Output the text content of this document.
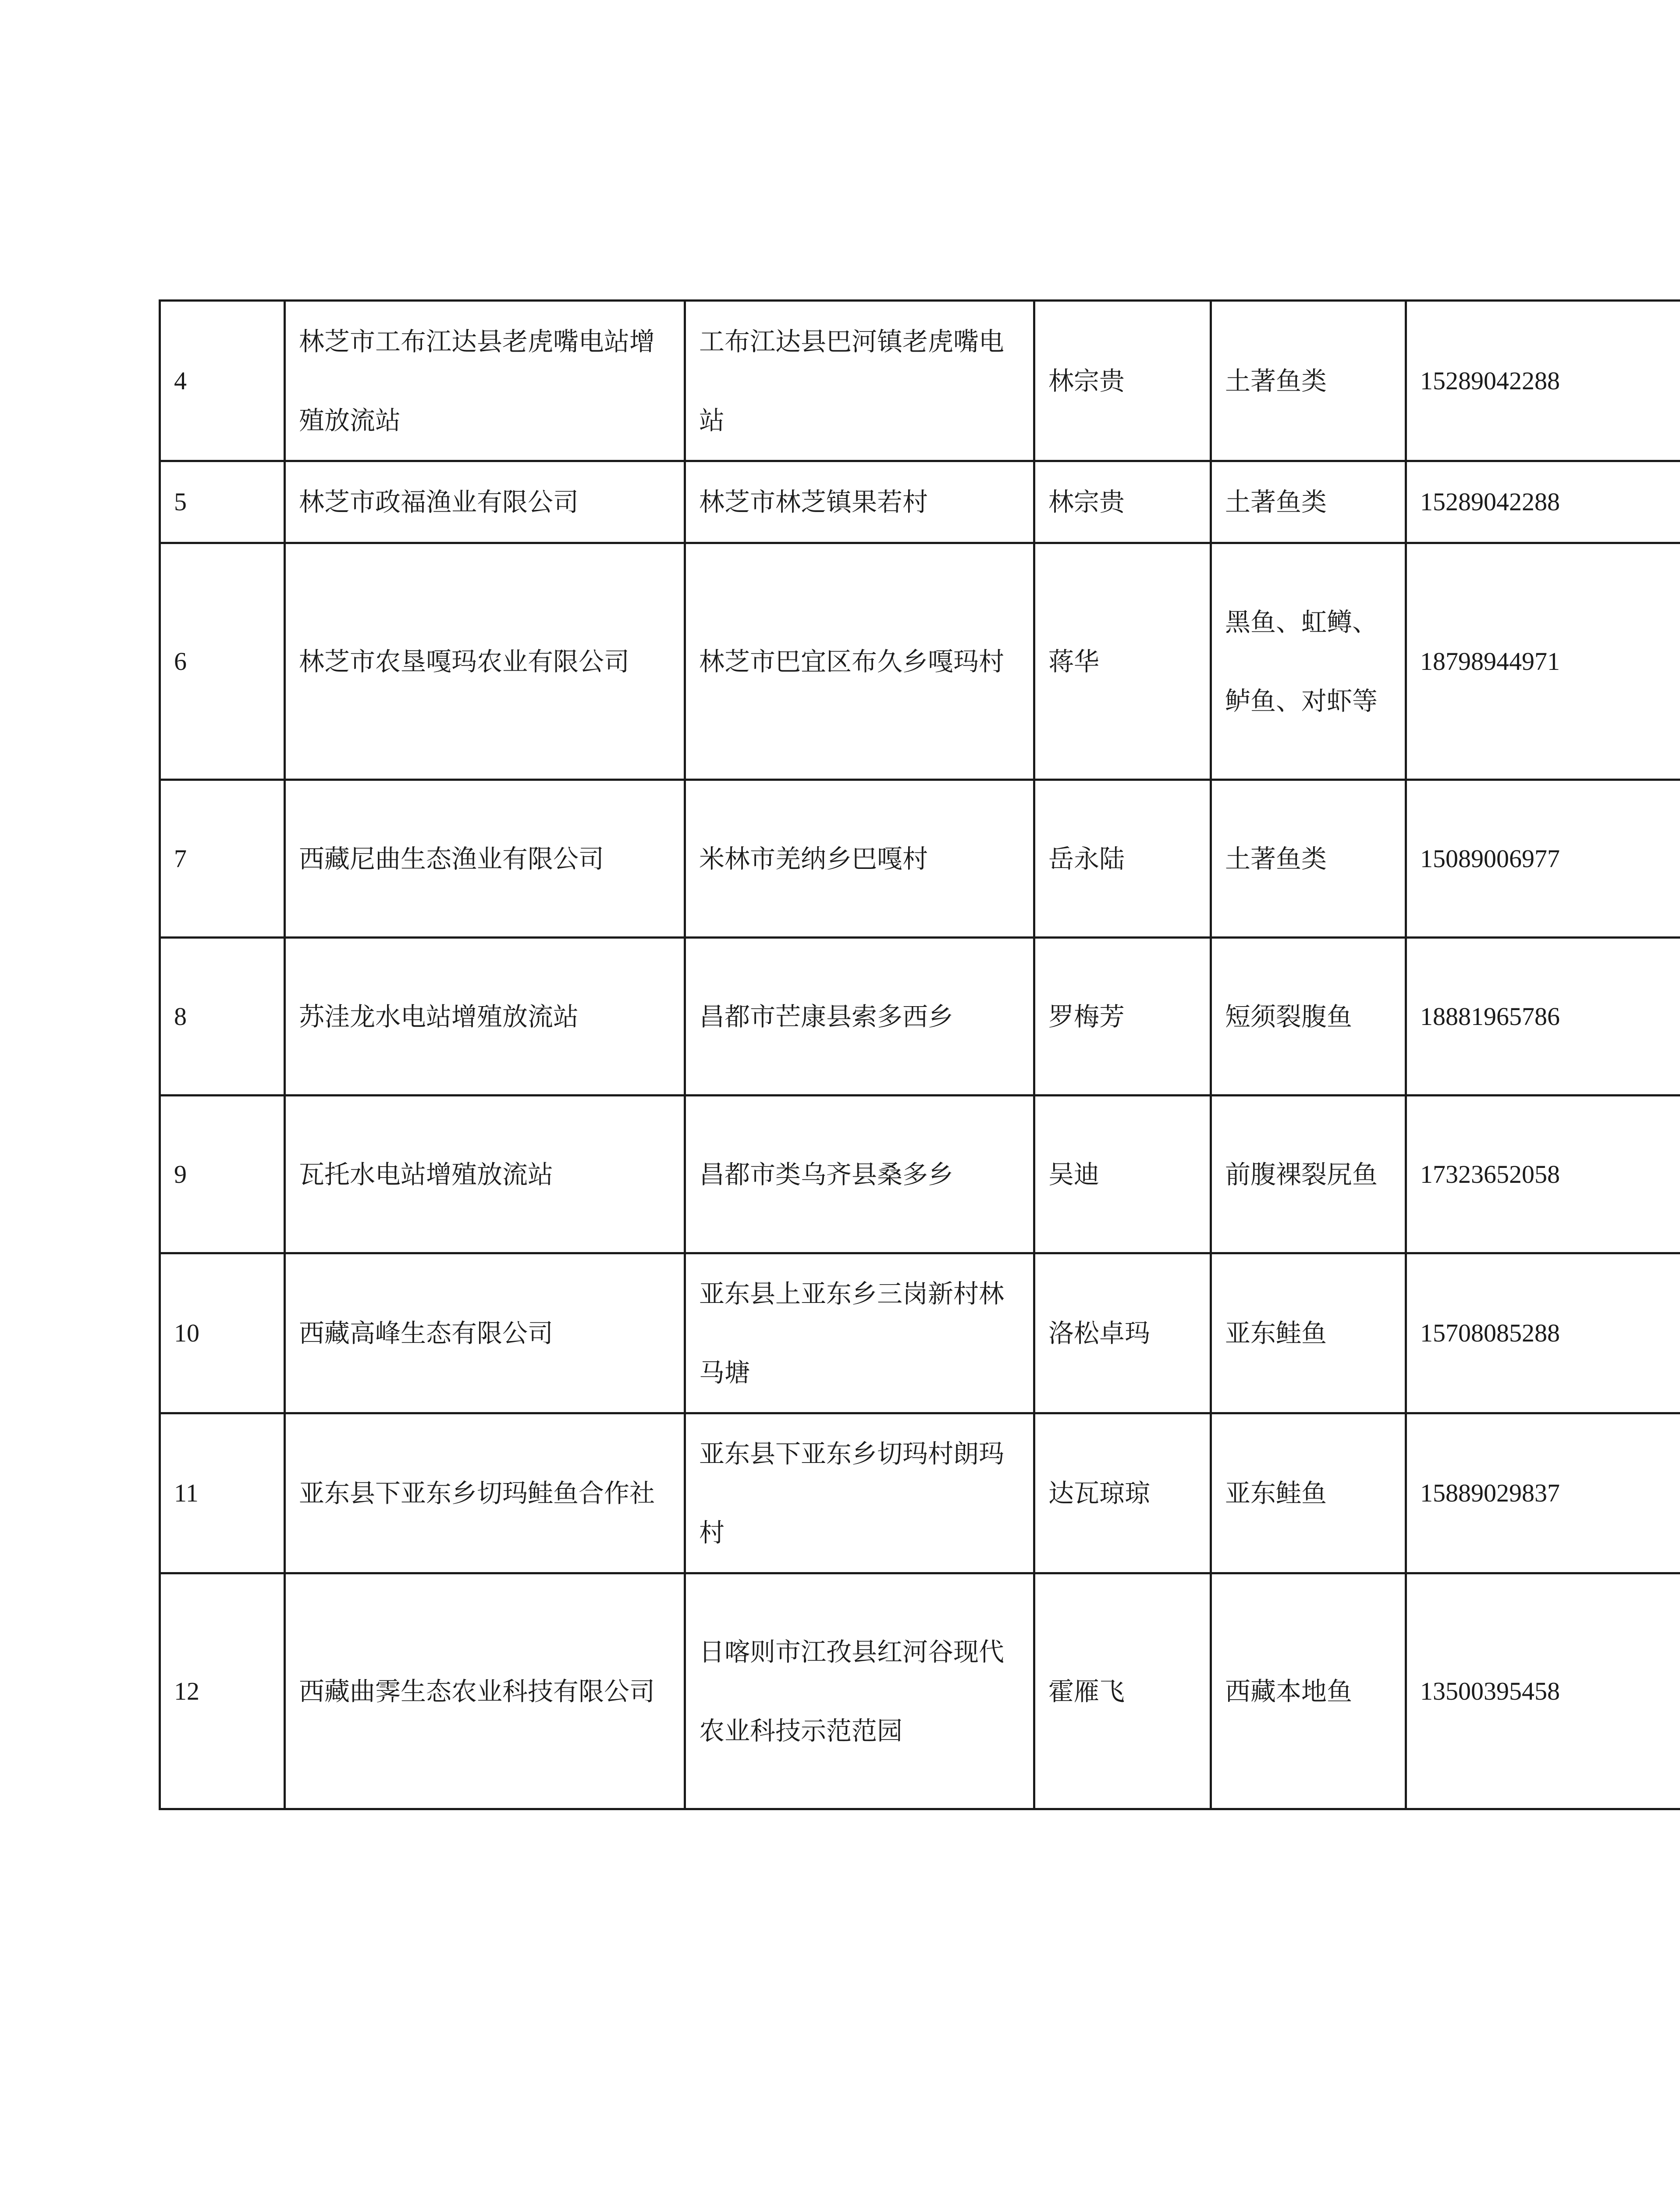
4	林芝市工布江达县老虎嘴电站增殖放流站	工布江达县巴河镇老虎嘴电站	林宗贵	土著鱼类	15289042288
5	林芝市政福渔业有限公司	林芝市林芝镇果若村	林宗贵	土著鱼类	15289042288
6	林芝市农垦嘎玛农业有限公司	林芝市巴宜区布久乡嘎玛村	蒋华	黑鱼、虹鳟、鲈鱼、对虾等	18798944971
7	西藏尼曲生态渔业有限公司	米林市羌纳乡巴嘎村	岳永陆	土著鱼类	15089006977
8	苏洼龙水电站增殖放流站	昌都市芒康县索多西乡	罗梅芳	短须裂腹鱼	18881965786
9	瓦托水电站增殖放流站	昌都市类乌齐县桑多乡	吴迪	前腹裸裂尻鱼	17323652058
10	西藏高峰生态有限公司	亚东县上亚东乡三岗新村林马塘	洛松卓玛	亚东鲑鱼	15708085288
11	亚东县下亚东乡切玛鲑鱼合作社	亚东县下亚东乡切玛村朗玛村	达瓦琼琼	亚东鲑鱼	15889029837
12	西藏曲霁生态农业科技有限公司	日喀则市江孜县红河谷现代农业科技示范范园	霍雁飞	西藏本地鱼	13500395458
